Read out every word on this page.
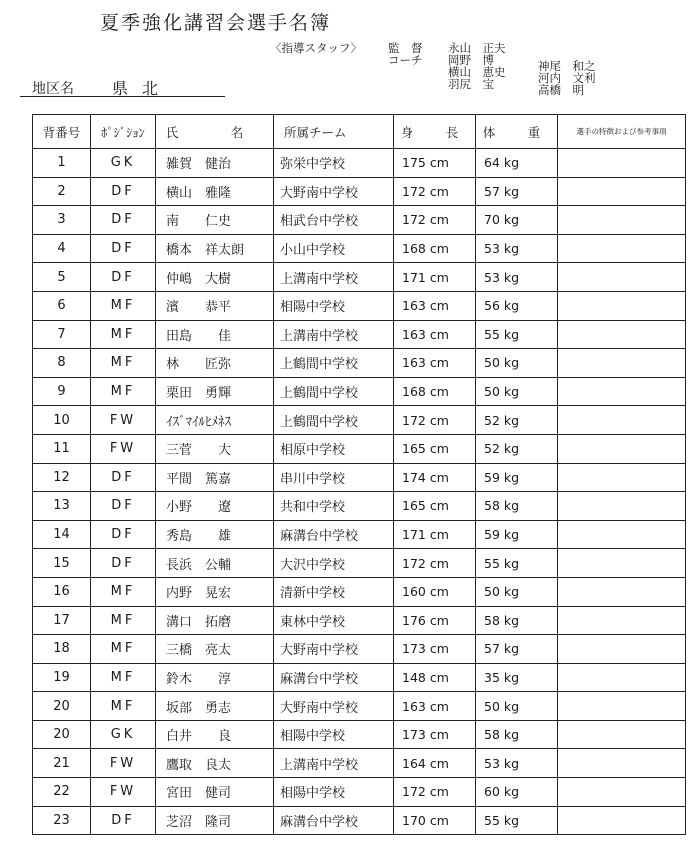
夏季強化講習会選手名簿
〈指導スタッフ〉 監　督 永山　正夫
コーチ 岡野　博
横山　恵史
羽尻　宝
神尾　和之
河内　文利
高橋　明
地区名 県北
背番号	ﾎﾟｼﾞｼｮﾝ	氏　名	所属チーム	身　長	体　重	選手の特徴および参考事項
1	GK	雑賀　健治	弥栄中学校	175 cm	64 kg	
2	DF	横山　雅隆	大野南中学校	172 cm	57 kg	
3	DF	南　　仁史	相武台中学校	172 cm	70 kg	
4	DF	橋本　祥太朗	小山中学校	168 cm	53 kg	
5	DF	仲嶋　大樹	上溝南中学校	171 cm	53 kg	
6	MF	濱　　恭平	相陽中学校	163 cm	56 kg	
7	MF	田島　　佳	上溝南中学校	163 cm	55 kg	
8	MF	林　　匠弥	上鶴間中学校	163 cm	50 kg	
9	MF	栗田　勇輝	上鶴間中学校	168 cm	50 kg	
10	FW	ｲｽﾞﾏｲﾙﾋﾒﾈｽ	上鶴間中学校	172 cm	52 kg	
11	FW	三菅　　大	相原中学校	165 cm	52 kg	
12	DF	平間　篤嘉	串川中学校	174 cm	59 kg	
13	DF	小野　　遼	共和中学校	165 cm	58 kg	
14	DF	秀島　　雄	麻溝台中学校	171 cm	59 kg	
15	DF	長浜　公輔	大沢中学校	172 cm	55 kg	
16	MF	内野　晃宏	清新中学校	160 cm	50 kg	
17	MF	溝口　拓磨	東林中学校	176 cm	58 kg	
18	MF	三橋　亮太	大野南中学校	173 cm	57 kg	
19	MF	鈴木　　淳	麻溝台中学校	148 cm	35 kg	
20	MF	坂部　勇志	大野南中学校	163 cm	50 kg	
20	GK	白井　　良	相陽中学校	173 cm	58 kg	
21	FW	鷹取　良太	上溝南中学校	164 cm	53 kg	
22	FW	宮田　健司	相陽中学校	172 cm	60 kg	
23	DF	芝沼　隆司	麻溝台中学校	170 cm	55 kg	
